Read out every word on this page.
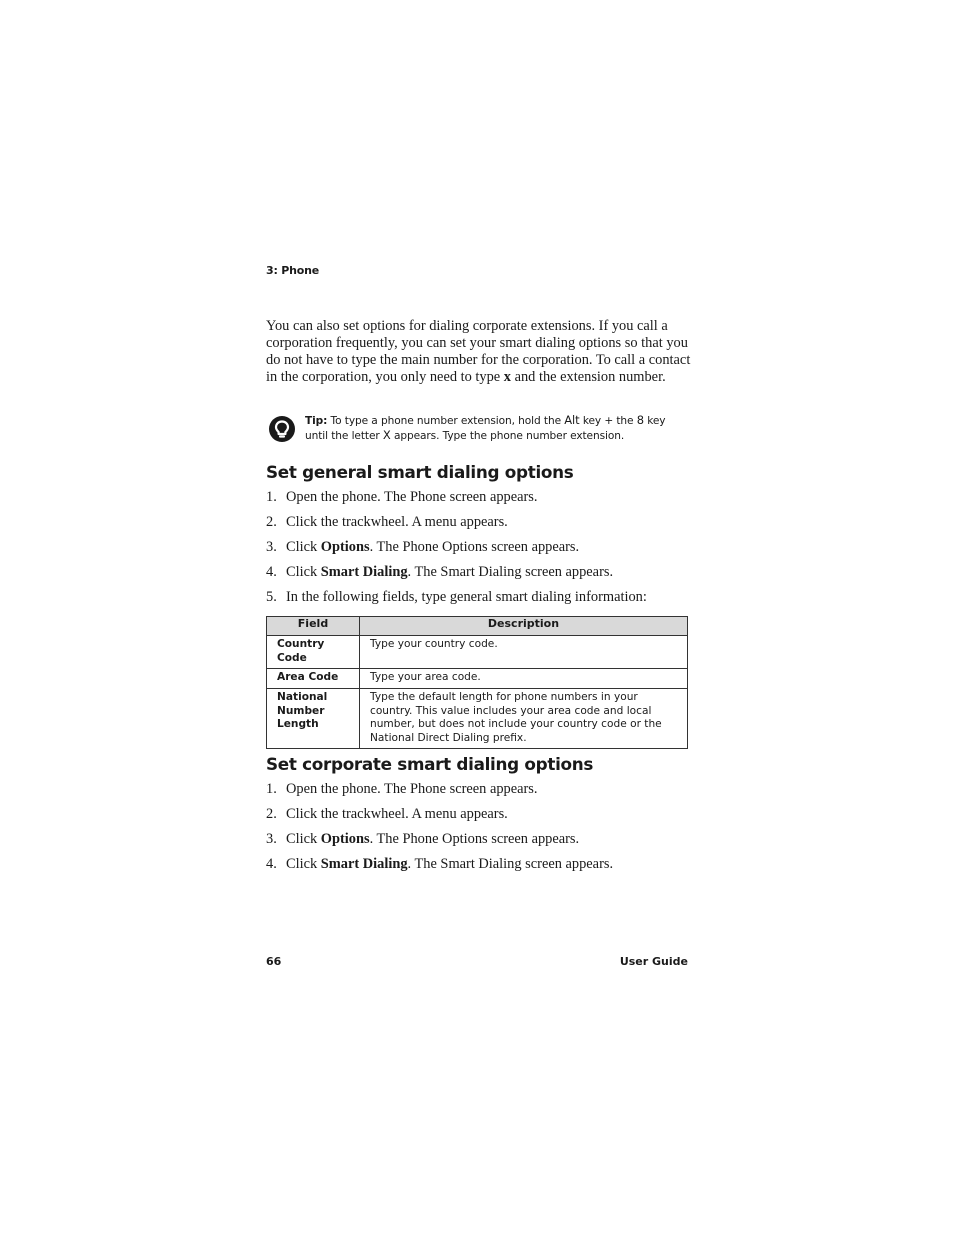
3: Phone

You can also set options for dialing corporate extensions. If you call a corporation frequently, you can set your smart dialing options so that you do not have to type the main number for the corporation. To call a contact in the corporation, you only need to type x and the extension number.

Tip: To type a phone number extension, hold the Alt key + the 8 key until the letter X appears. Type the phone number extension.

Set general smart dialing options
1. Open the phone. The Phone screen appears.
2. Click the trackwheel. A menu appears.
3. Click Options. The Phone Options screen appears.
4. Click Smart Dialing. The Smart Dialing screen appears.
5. In the following fields, type general smart dialing information:
Field	Description
Country Code	Type your country code.
Area Code	Type your area code.
National Number Length	Type the default length for phone numbers in your country. This value includes your area code and local number, but does not include your country code or the National Direct Dialing prefix.
Set corporate smart dialing options
1. Open the phone. The Phone screen appears.
2. Click the trackwheel. A menu appears.
3. Click Options. The Phone Options screen appears.
4. Click Smart Dialing. The Smart Dialing screen appears.
66	User Guide
